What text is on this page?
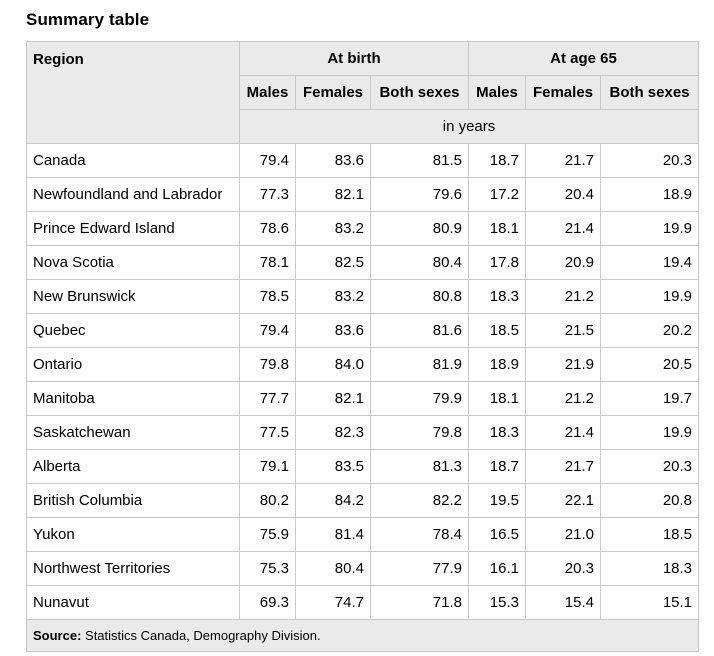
Summary table
Region	At birth			At age 65		
	Males	Females	Both sexes	Males	Females	Both sexes
	in years					
Canada	79.4	83.6	81.5	18.7	21.7	20.3
Newfoundland and Labrador	77.3	82.1	79.6	17.2	20.4	18.9
Prince Edward Island	78.6	83.2	80.9	18.1	21.4	19.9
Nova Scotia	78.1	82.5	80.4	17.8	20.9	19.4
New Brunswick	78.5	83.2	80.8	18.3	21.2	19.9
Quebec	79.4	83.6	81.6	18.5	21.5	20.2
Ontario	79.8	84.0	81.9	18.9	21.9	20.5
Manitoba	77.7	82.1	79.9	18.1	21.2	19.7
Saskatchewan	77.5	82.3	79.8	18.3	21.4	19.9
Alberta	79.1	83.5	81.3	18.7	21.7	20.3
British Columbia	80.2	84.2	82.2	19.5	22.1	20.8
Yukon	75.9	81.4	78.4	16.5	21.0	18.5
Northwest Territories	75.3	80.4	77.9	16.1	20.3	18.3
Nunavut	69.3	74.7	71.8	15.3	15.4	15.1
Source: Statistics Canada, Demography Division.						
